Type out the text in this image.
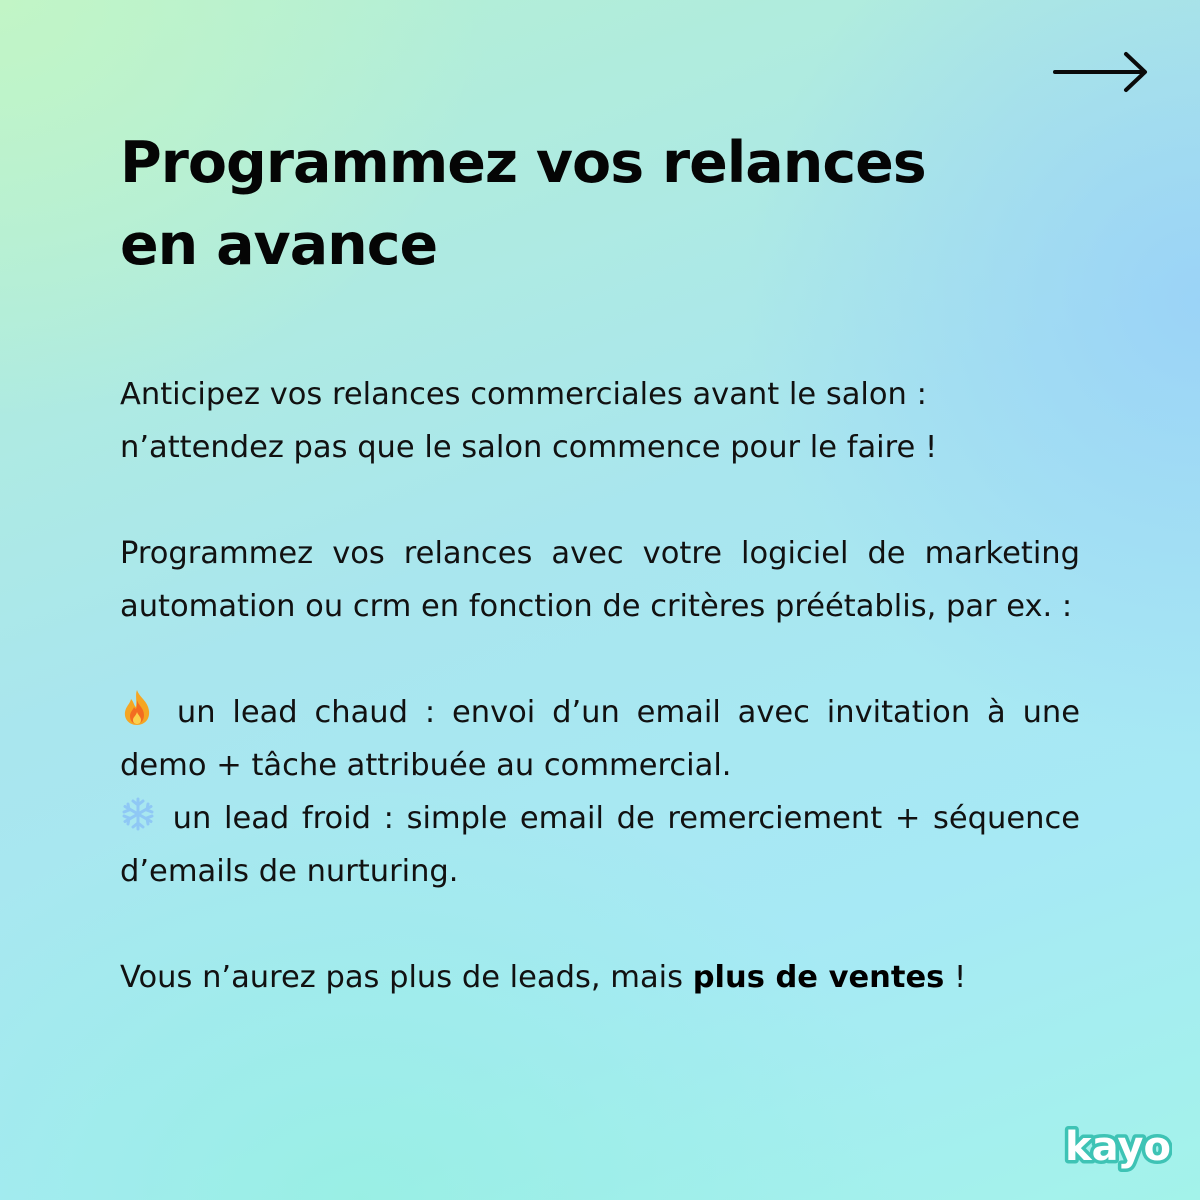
Programmez vos relances
en avance

Anticipez vos relances commerciales avant le salon :

n’attendez pas que le salon commence pour le faire !

Programmez vos relances avec votre logiciel de marketing automation ou crm en fonction de critères préétablis, par ex. :

un lead chaud : envoi d’un email avec invitation à une demo + tâche attribuée au commercial.

un lead froid : simple email de remerciement + séquence d’emails de nurturing.

Vous n’aurez pas plus de leads, mais plus de ventes !

kayo
